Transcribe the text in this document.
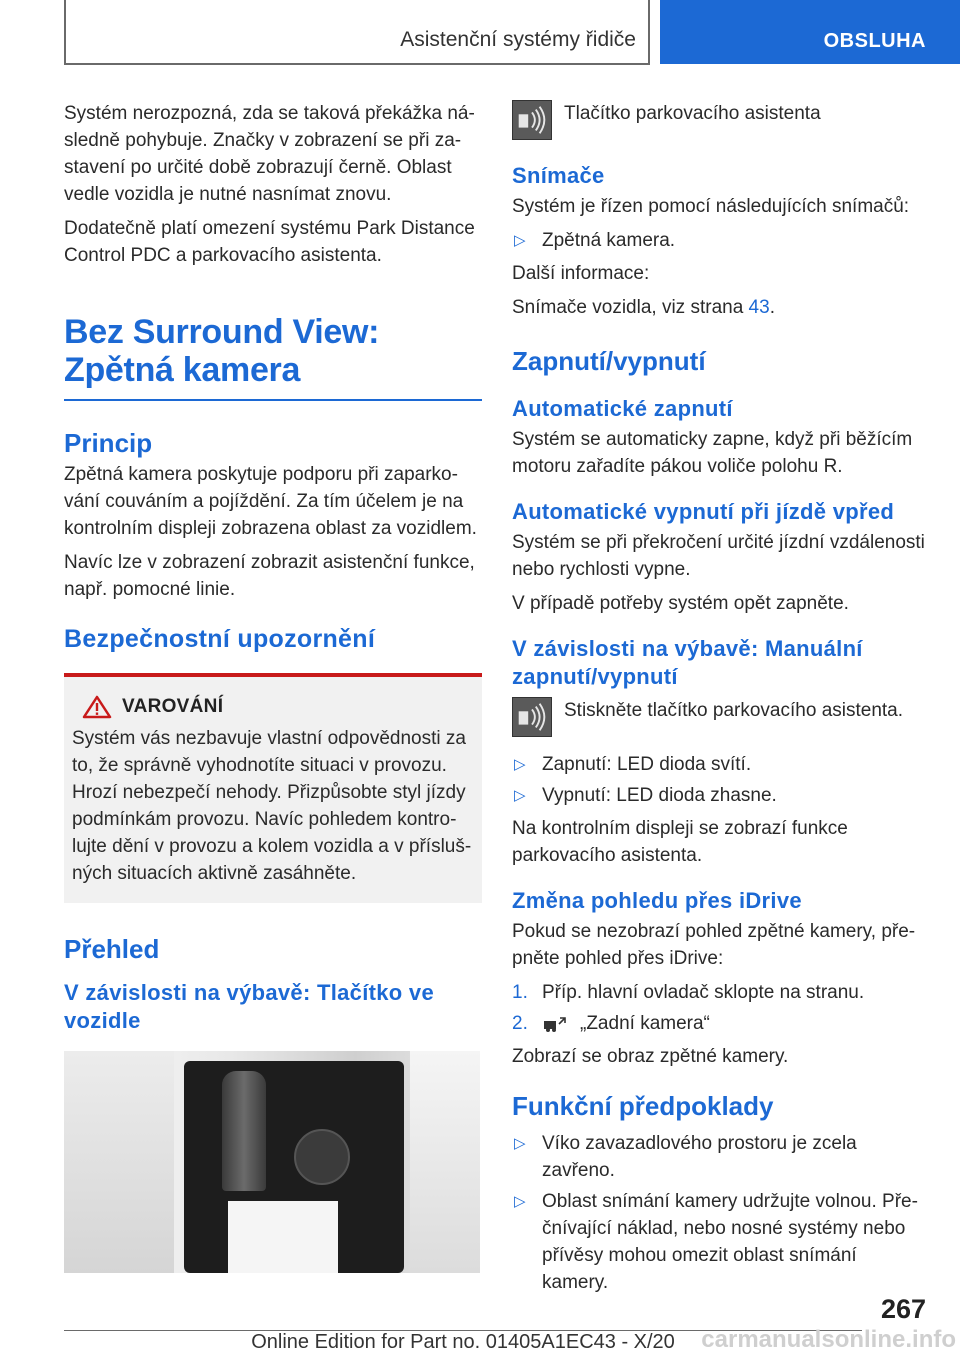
Asistenční systémy řidiče	OBSLUHA

Systém nerozpozná, zda se taková překážka následně pohybuje. Značky v zobrazení se při zastavení po určité době zobrazují černě. Oblast vedle vozidla je nutné nasnímat znovu.

Dodatečně platí omezení systému Park Distance Control PDC a parkovacího asistenta.

Bez Surround View: Zpětná kamera
Princip

Zpětná kamera poskytuje podporu při zaparkování couváním a pojíždění. Za tím účelem je na kontrolním displeji zobrazena oblast za vozidlem.

Navíc lze v zobrazení zobrazit asistenční funkce, např. pomocné linie.

Bezpečnostní upozornění
VAROVÁNÍ

Systém vás nezbavuje vlastní odpovědnosti za to, že správně vyhodnotíte situaci v provozu. Hrozí nebezpečí nehody. Přizpůsobte styl jízdy podmínkám provozu. Navíc pohledem kontrolujte dění v provozu a kolem vozidla a v příslušných situacích aktivně zasáhněte.

Přehled
V závislosti na výbavě: Tlačítko ve vozidle
Tlačítko parkovacího asistenta
Snímače

Systém je řízen pomocí následujících snímačů:

▷ Zpětná kamera.

Další informace:

Snímače vozidla, viz strana 43.

Zapnutí/vypnutí
Automatické zapnutí

Systém se automaticky zapne, když při běžícím motoru zařadíte pákou voliče polohu R.

Automatické vypnutí při jízdě vpřed

Systém se při překročení určité jízdní vzdálenosti nebo rychlosti vypne.

V případě potřeby systém opět zapněte.

V závislosti na výbavě: Manuální zapnutí/vypnutí
Stiskněte tlačítko parkovacího asistenta.
▷ Zapnutí: LED dioda svítí.
▷ Vypnutí: LED dioda zhasne.

Na kontrolním displeji se zobrazí funkce parkovacího asistenta.

Změna pohledu přes iDrive

Pokud se nezobrazí pohled zpětné kamery, přepněte pohled přes iDrive:

1. Příp. hlavní ovladač sklopte na stranu.
2.	„Zadní kamera“

Zobrazí se obraz zpětné kamery.

Funkční předpoklady
▷ Víko zavazadlového prostoru je zcela zavřeno.
▷ Oblast snímání kamery udržujte volnou. Přečnívající náklad, nebo nosné systémy nebo přívěsy mohou omezit oblast snímání kamery.
267
Online Edition for Part no. 01405A1EC43 - X/20	carmanualsonline.info
